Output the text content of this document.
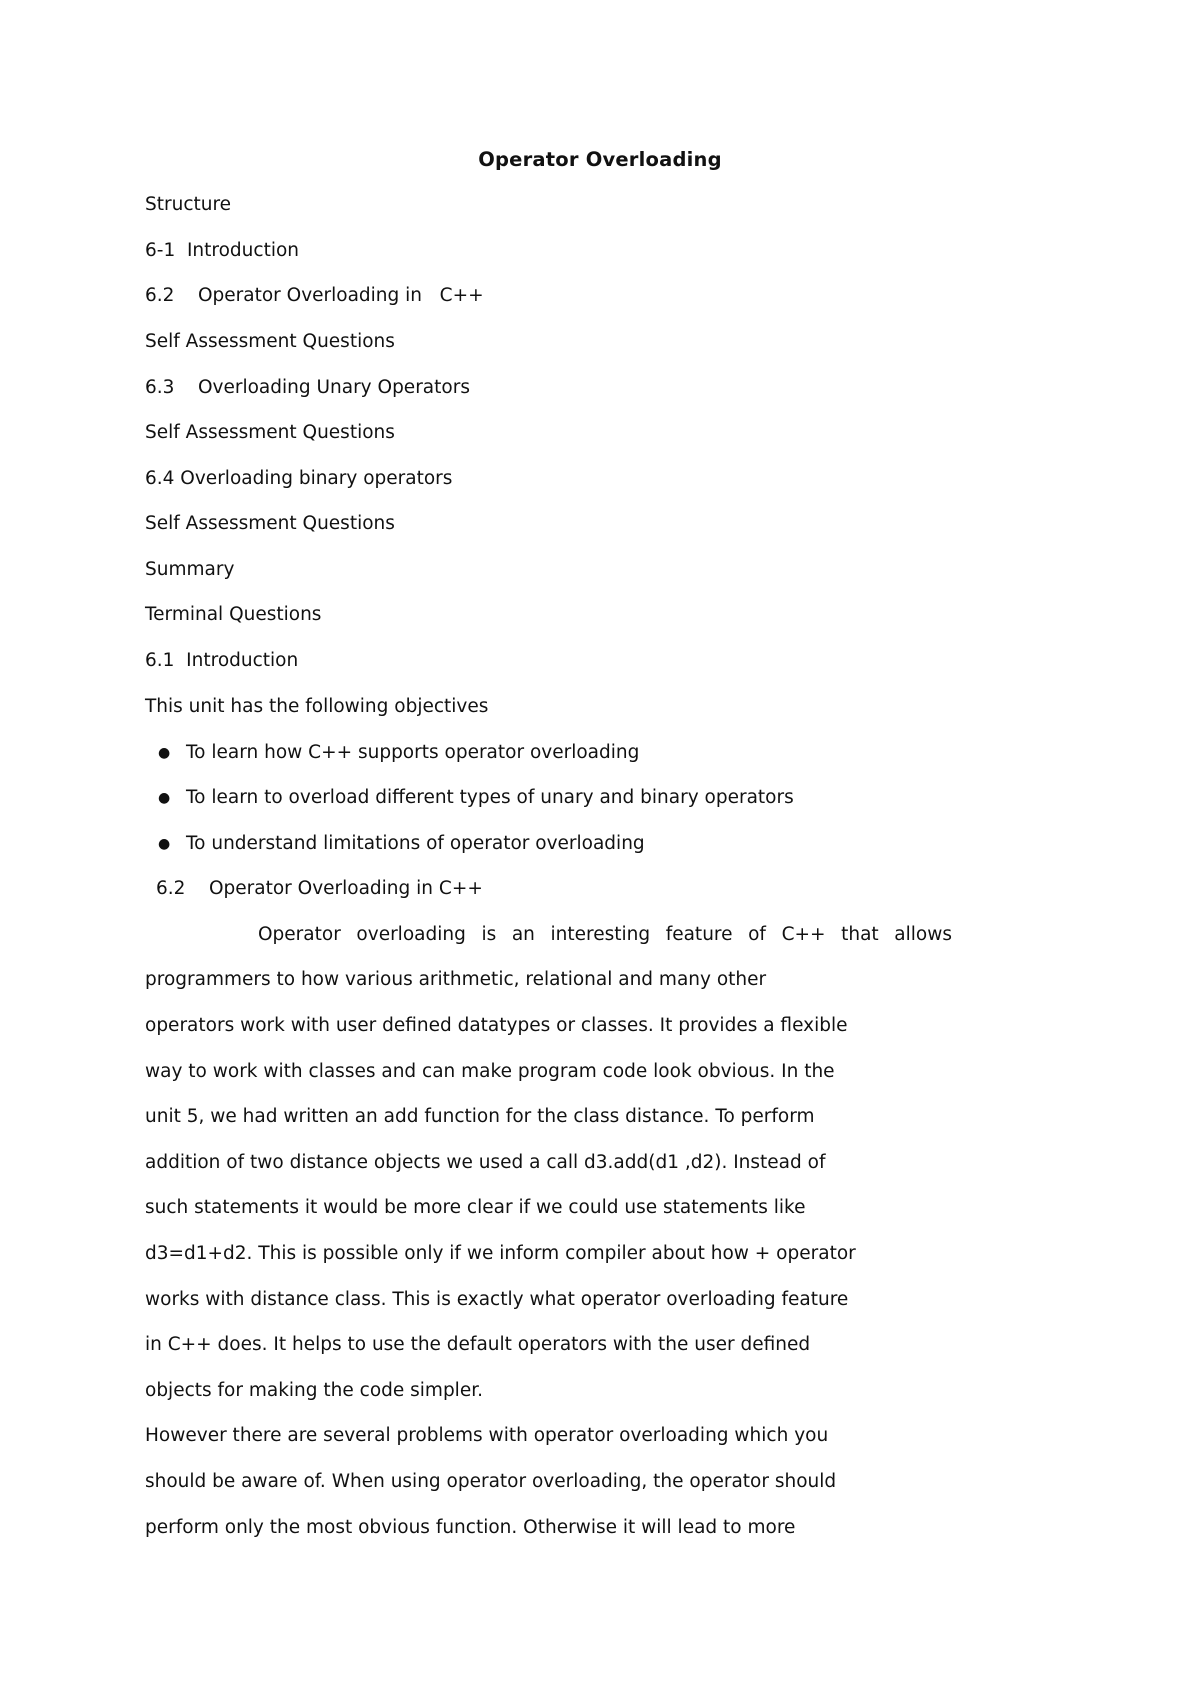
Operator Overloading
Structure
6-1  Introduction
6.2    Operator Overloading in   C++
Self Assessment Questions
6.3    Overloading Unary Operators
Self Assessment Questions
6.4 Overloading binary operators
Self Assessment Questions
Summary
Terminal Questions
6.1  Introduction
This unit has the following objectives
● To learn how C++ supports operator overloading
● To learn to overload different types of unary and binary operators
● To understand limitations of operator overloading
6.2    Operator Overloading in C++
Operator overloading is an interesting feature of C++ that allows
programmers to how various arithmetic, relational and many other
operators work with user defined datatypes or classes. It provides a flexible
way to work with classes and can make program code look obvious. In the
unit 5, we had written an add function for the class distance. To perform
addition of two distance objects we used a call d3.add(d1 ,d2). Instead of
such statements it would be more clear if we could use statements like
d3=d1+d2. This is possible only if we inform compiler about how + operator
works with distance class. This is exactly what operator overloading feature
in C++ does. It helps to use the default operators with the user defined
objects for making the code simpler.
However there are several problems with operator overloading which you
should be aware of. When using operator overloading, the operator should
perform only the most obvious function. Otherwise it will lead to more
